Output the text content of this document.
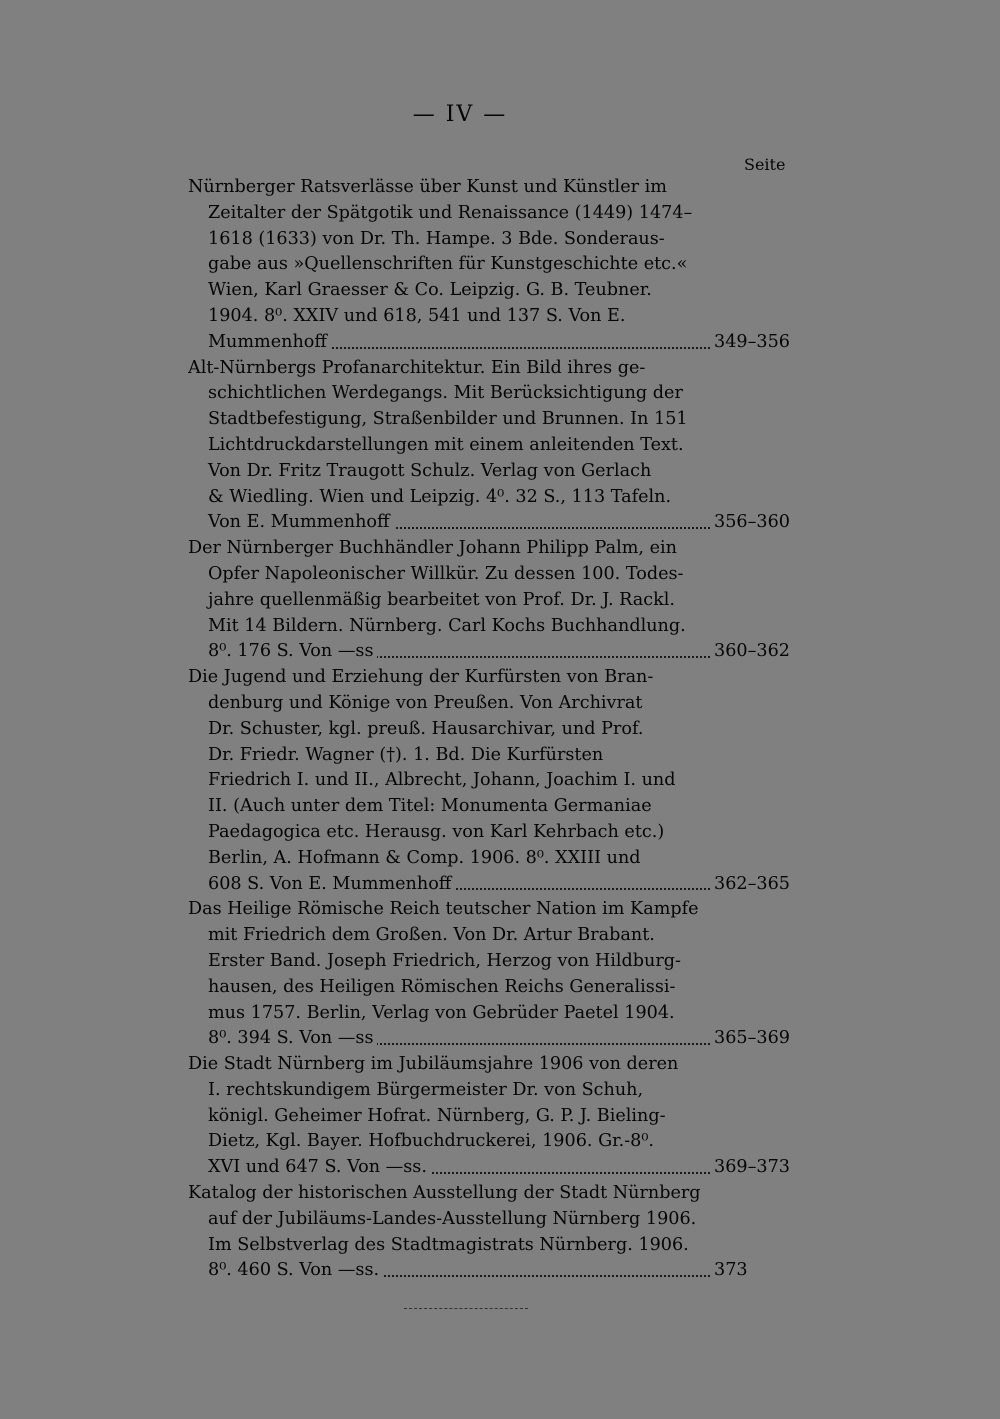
— IV —
Seite
Nürnberger Ratsverlässe über Kunst und Künstler im
Zeitalter der Spätgotik und Renaissance (1449) 1474–
1618 (1633) von Dr. Th. Hampe. 3 Bde. Sonderaus-
gabe aus »Quellenschriften für Kunstgeschichte etc.«
Wien, Karl Graesser & Co. Leipzig. G. B. Teubner.
1904. 8⁰. XXIV und 618, 541 und 137 S. Von E.
Mummenhoff	349–356
Alt-Nürnbergs Profanarchitektur. Ein Bild ihres ge-
schichtlichen Werdegangs. Mit Berücksichtigung der
Stadtbefestigung, Straßenbilder und Brunnen. In 151
Lichtdruckdarstellungen mit einem anleitenden Text.
Von Dr. Fritz Traugott Schulz. Verlag von Gerlach
& Wiedling. Wien und Leipzig. 4⁰. 32 S., 113 Tafeln.
Von E. Mummenhoff	356–360
Der Nürnberger Buchhändler Johann Philipp Palm, ein
Opfer Napoleonischer Willkür. Zu dessen 100. Todes-
jahre quellenmäßig bearbeitet von Prof. Dr. J. Rackl.
Mit 14 Bildern. Nürnberg. Carl Kochs Buchhandlung.
8⁰. 176 S. Von —ss	360–362
Die Jugend und Erziehung der Kurfürsten von Bran-
denburg und Könige von Preußen. Von Archivrat
Dr. Schuster, kgl. preuß. Hausarchivar, und Prof.
Dr. Friedr. Wagner (†). 1. Bd. Die Kurfürsten
Friedrich I. und II., Albrecht, Johann, Joachim I. und
II. (Auch unter dem Titel: Monumenta Germaniae
Paedagogica etc. Herausg. von Karl Kehrbach etc.)
Berlin, A. Hofmann & Comp. 1906. 8⁰. XXIII und
608 S. Von E. Mummenhoff	362–365
Das Heilige Römische Reich teutscher Nation im Kampfe
mit Friedrich dem Großen. Von Dr. Artur Brabant.
Erster Band. Joseph Friedrich, Herzog von Hildburg-
hausen, des Heiligen Römischen Reichs Generalissi-
mus 1757. Berlin, Verlag von Gebrüder Paetel 1904.
8⁰. 394 S. Von —ss	365–369
Die Stadt Nürnberg im Jubiläumsjahre 1906 von deren
I. rechtskundigem Bürgermeister Dr. von Schuh,
königl. Geheimer Hofrat. Nürnberg, G. P. J. Bieling-
Dietz, Kgl. Bayer. Hofbuchdruckerei, 1906. Gr.-8⁰.
XVI und 647 S. Von —ss.	369–373
Katalog der historischen Ausstellung der Stadt Nürnberg
auf der Jubiläums-Landes-Ausstellung Nürnberg 1906.
Im Selbstverlag des Stadtmagistrats Nürnberg. 1906.
8⁰. 460 S. Von —ss.	373
